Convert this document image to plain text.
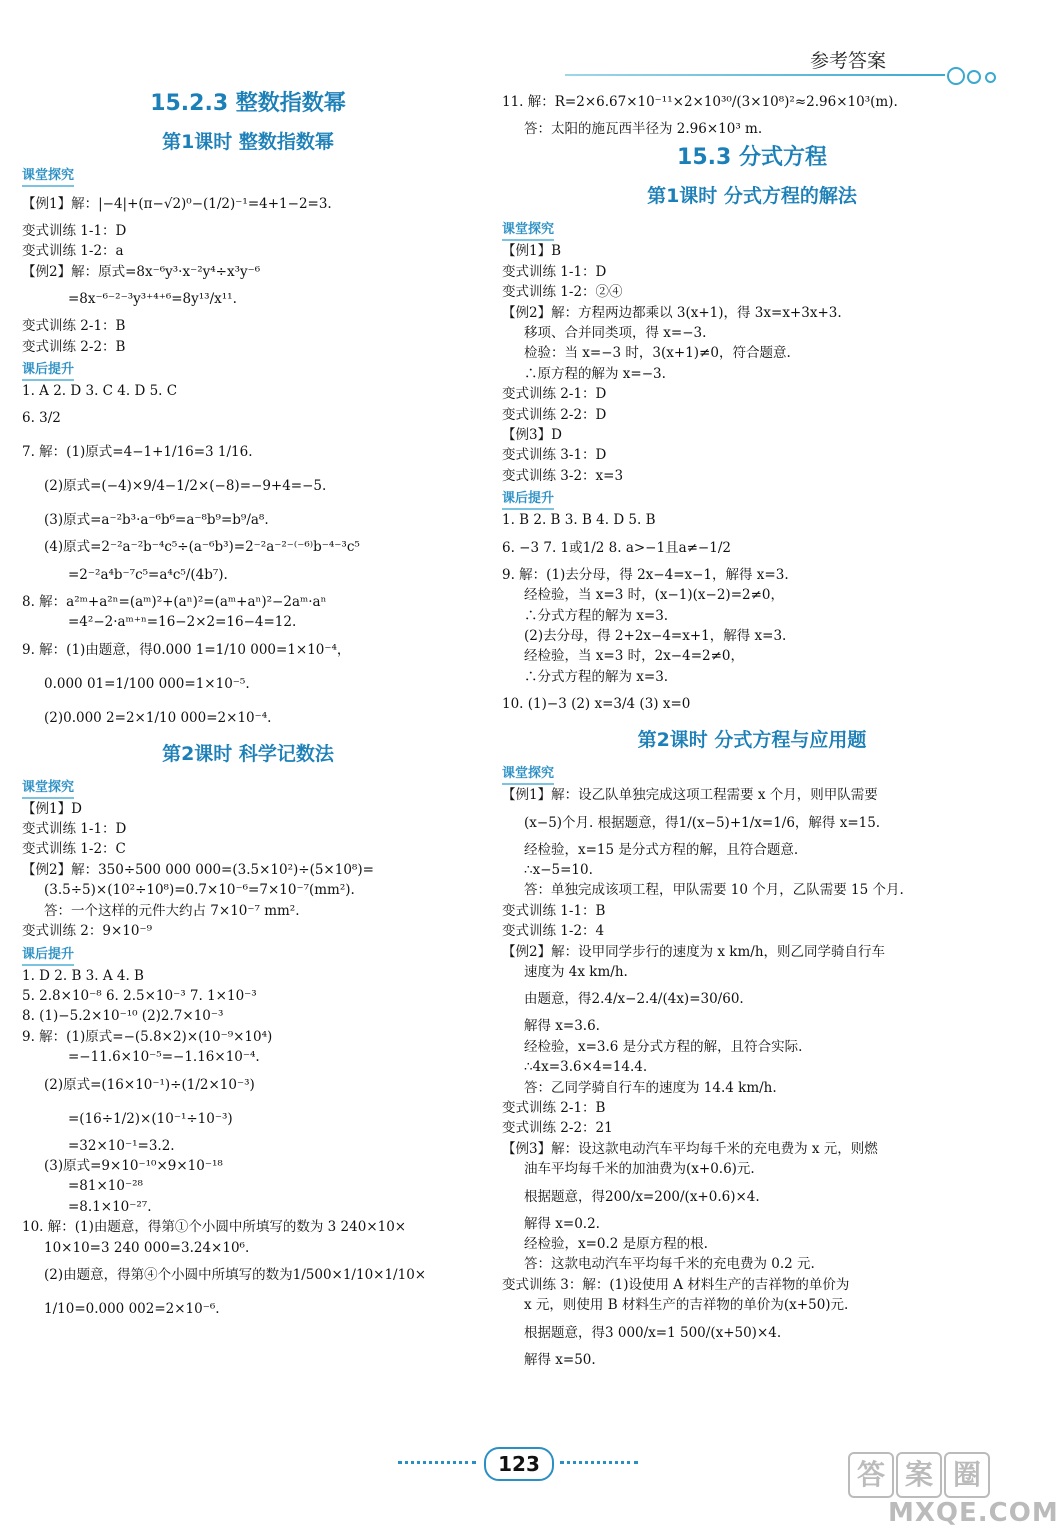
参考答案
15.2.3 整数指数幂
第1课时 整数指数幂
课堂探究
【例1】解：|−4|+(π−√2)⁰−(1/2)⁻¹=4+1−2=3.
变式训练 1-1：D
变式训练 1-2：a
【例2】解：原式=8x⁻⁶y³·x⁻²y⁴÷x³y⁻⁶
=8x⁻⁶⁻²⁻³y³⁺⁴⁺⁶=8y¹³/x¹¹.
变式训练 2-1：B
变式训练 2-2：B
课后提升
1. A 2. D 3. C 4. D 5. C
6. 3/2
7. 解：(1)原式=4−1+1/16=3 1/16.
(2)原式=(−4)×9/4−1/2×(−8)=−9+4=−5.
(3)原式=a⁻²b³·a⁻⁶b⁶=a⁻⁸b⁹=b⁹/a⁸.
(4)原式=2⁻²a⁻²b⁻⁴c⁵÷(a⁻⁶b³)=2⁻²a⁻²⁻⁽⁻⁶⁾b⁻⁴⁻³c⁵
=2⁻²a⁴b⁻⁷c⁵=a⁴c⁵/(4b⁷).
8. 解：a²ᵐ+a²ⁿ=(aᵐ)²+(aⁿ)²=(aᵐ+aⁿ)²−2aᵐ·aⁿ
=4²−2·aᵐ⁺ⁿ=16−2×2=16−4=12.
9. 解：(1)由题意，得0.000 1=1/10 000=1×10⁻⁴，
0.000 01=1/100 000=1×10⁻⁵.
(2)0.000 2=2×1/10 000=2×10⁻⁴.
第2课时 科学记数法
课堂探究
【例1】D
变式训练 1-1：D
变式训练 1-2：C
【例2】解：350÷500 000 000=(3.5×10²)÷(5×10⁸)=
(3.5÷5)×(10²÷10⁸)=0.7×10⁻⁶=7×10⁻⁷(mm²).
答：一个这样的元件大约占 7×10⁻⁷ mm².
变式训练 2：9×10⁻⁹
课后提升
1. D 2. B 3. A 4. B
5. 2.8×10⁻⁸ 6. 2.5×10⁻³ 7. 1×10⁻³
8. (1)−5.2×10⁻¹⁰ (2)2.7×10⁻³
9. 解：(1)原式=−(5.8×2)×(10⁻⁹×10⁴)
=−11.6×10⁻⁵=−1.16×10⁻⁴.
(2)原式=(16×10⁻¹)÷(1/2×10⁻³)
=(16÷1/2)×(10⁻¹÷10⁻³)
=32×10⁻¹=3.2.
(3)原式=9×10⁻¹⁰×9×10⁻¹⁸
=81×10⁻²⁸
=8.1×10⁻²⁷.
10. 解：(1)由题意，得第①个小圆中所填写的数为 3 240×10×
10×10=3 240 000=3.24×10⁶.
(2)由题意，得第④个小圆中所填写的数为1/500×1/10×1/10×
1/10=0.000 002=2×10⁻⁶.
11. 解：R=2×6.67×10⁻¹¹×2×10³⁰/(3×10⁸)²≈2.96×10³(m).
答：太阳的施瓦西半径为 2.96×10³ m.
15.3 分式方程
第1课时 分式方程的解法
课堂探究
【例1】B
变式训练 1-1：D
变式训练 1-2：②④
【例2】解：方程两边都乘以 3(x+1)，得 3x=x+3x+3.
移项、合并同类项，得 x=−3.
检验：当 x=−3 时，3(x+1)≠0，符合题意.
∴原方程的解为 x=−3.
变式训练 2-1：D
变式训练 2-2：D
【例3】D
变式训练 3-1：D
变式训练 3-2：x=3
课后提升
1. B 2. B 3. B 4. D 5. B
6. −3 7. 1或1/2 8. a>−1且a≠−1/2
9. 解：(1)去分母，得 2x−4=x−1，解得 x=3.
经检验，当 x=3 时，(x−1)(x−2)=2≠0，
∴分式方程的解为 x=3.
(2)去分母，得 2+2x−4=x+1，解得 x=3.
经检验，当 x=3 时，2x−4=2≠0，
∴分式方程的解为 x=3.
10. (1)−3 (2) x=3/4 (3) x=0
第2课时 分式方程与应用题
课堂探究
【例1】解：设乙队单独完成这项工程需要 x 个月，则甲队需要
(x−5)个月. 根据题意，得1/(x−5)+1/x=1/6，解得 x=15.
经检验，x=15 是分式方程的解，且符合题意.
∴x−5=10.
答：单独完成该项工程，甲队需要 10 个月，乙队需要 15 个月.
变式训练 1-1：B
变式训练 1-2：4
【例2】解：设甲同学步行的速度为 x km/h，则乙同学骑自行车
速度为 4x km/h.
由题意，得2.4/x−2.4/(4x)=30/60.
解得 x=3.6.
经检验，x=3.6 是分式方程的解，且符合实际.
∴4x=3.6×4=14.4.
答：乙同学骑自行车的速度为 14.4 km/h.
变式训练 2-1：B
变式训练 2-2：21
【例3】解：设这款电动汽车平均每千米的充电费为 x 元，则燃
油车平均每千米的加油费为(x+0.6)元.
根据题意，得200/x=200/(x+0.6)×4.
解得 x=0.2.
经检验，x=0.2 是原方程的根.
答：这款电动汽车平均每千米的充电费为 0.2 元.
变式训练 3：解：(1)设使用 A 材料生产的吉祥物的单价为
x 元，则使用 B 材料生产的吉祥物的单价为(x+50)元.
根据题意，得3 000/x=1 500/(x+50)×4.
解得 x=50.
123	答 案 圈
MXQE.COM
